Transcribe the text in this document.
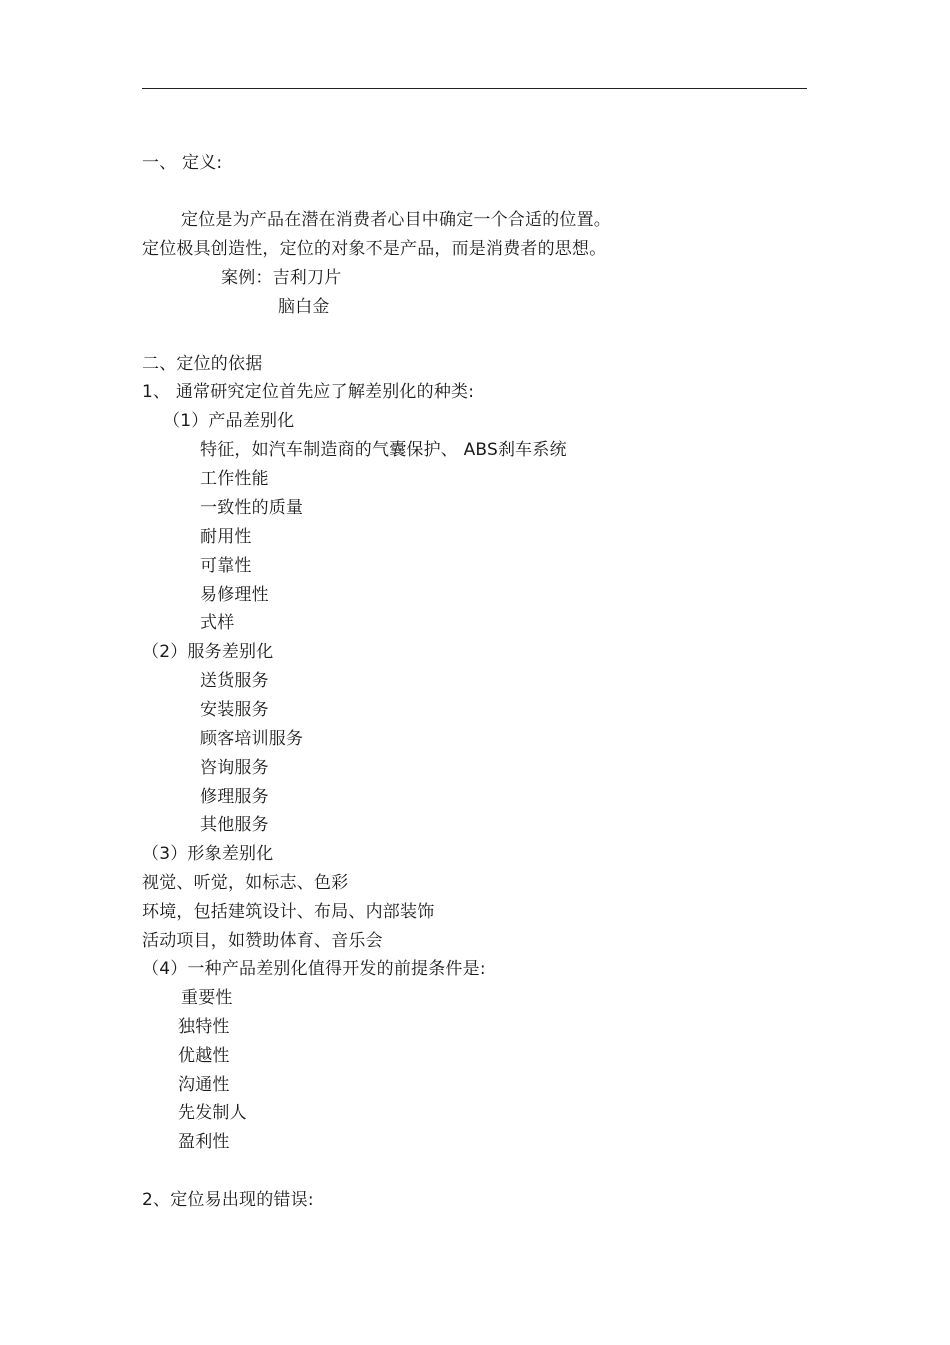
一、 定义:
定位是为产品在潜在消费者心目中确定一个合适的位置。
定位极具创造性，定位的对象不是产品，而是消费者的思想。
案例：吉利刀片
脑白金
二、定位的依据
1、 通常研究定位首先应了解差别化的种类:
（1）产品差别化
特征，如汽车制造商的气囊保护、 ABS刹车系统
工作性能
一致性的质量
耐用性
可靠性
易修理性
式样
（2）服务差别化
送货服务
安装服务
顾客培训服务
咨询服务
修理服务
其他服务
（3）形象差别化
视觉、听觉，如标志、色彩
环境，包括建筑设计、布局、内部装饰
活动项目，如赞助体育、音乐会
（4）一种产品差别化值得开发的前提条件是:
重要性
独特性
优越性
沟通性
先发制人
盈利性
2、定位易出现的错误:
